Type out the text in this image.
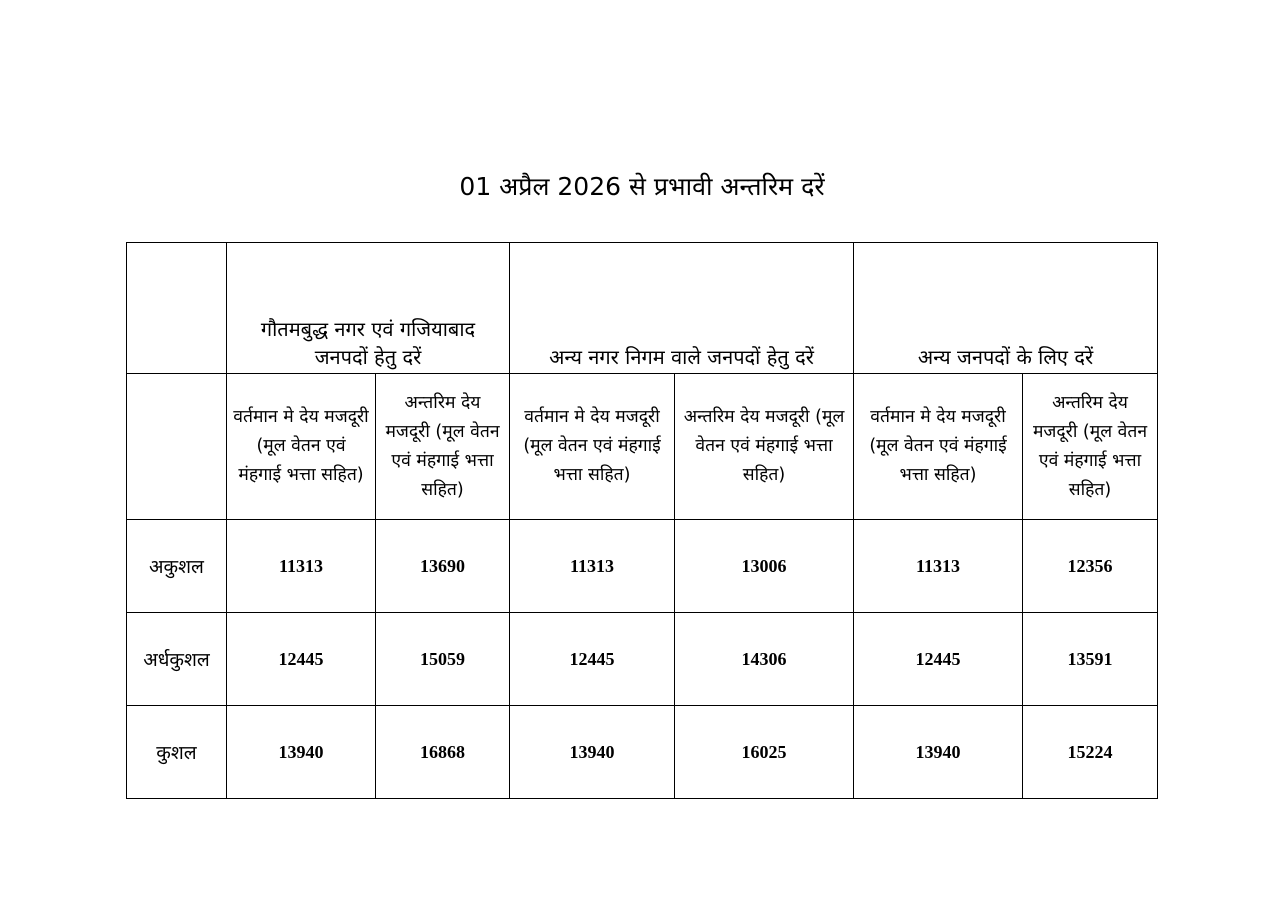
01 अप्रैल 2026 से प्रभावी अन्तरिम दरें
	गौतमबुद्ध नगर एवं गजियाबाद जनपदों हेतु दरें		अन्य नगर निगम वाले जनपदों हेतु दरें		अन्य जनपदों के लिए दरें	
	वर्तमान मे देय मजदूरी (मूल वेतन एवं मंहगाई भत्ता सहित)	अन्तरिम देय मजदूरी (मूल वेतन एवं मंहगाई भत्ता सहित)	वर्तमान मे देय मजदूरी (मूल वेतन एवं मंहगाई भत्ता सहित)	अन्तरिम देय मजदूरी (मूल वेतन एवं मंहगाई भत्ता सहित)	वर्तमान मे देय मजदूरी (मूल वेतन एवं मंहगाई भत्ता सहित)	अन्तरिम देय मजदूरी (मूल वेतन एवं मंहगाई भत्ता सहित)
अकुशल	11313	13690	11313	13006	11313	12356
अर्धकुशल	12445	15059	12445	14306	12445	13591
कुशल	13940	16868	13940	16025	13940	15224
